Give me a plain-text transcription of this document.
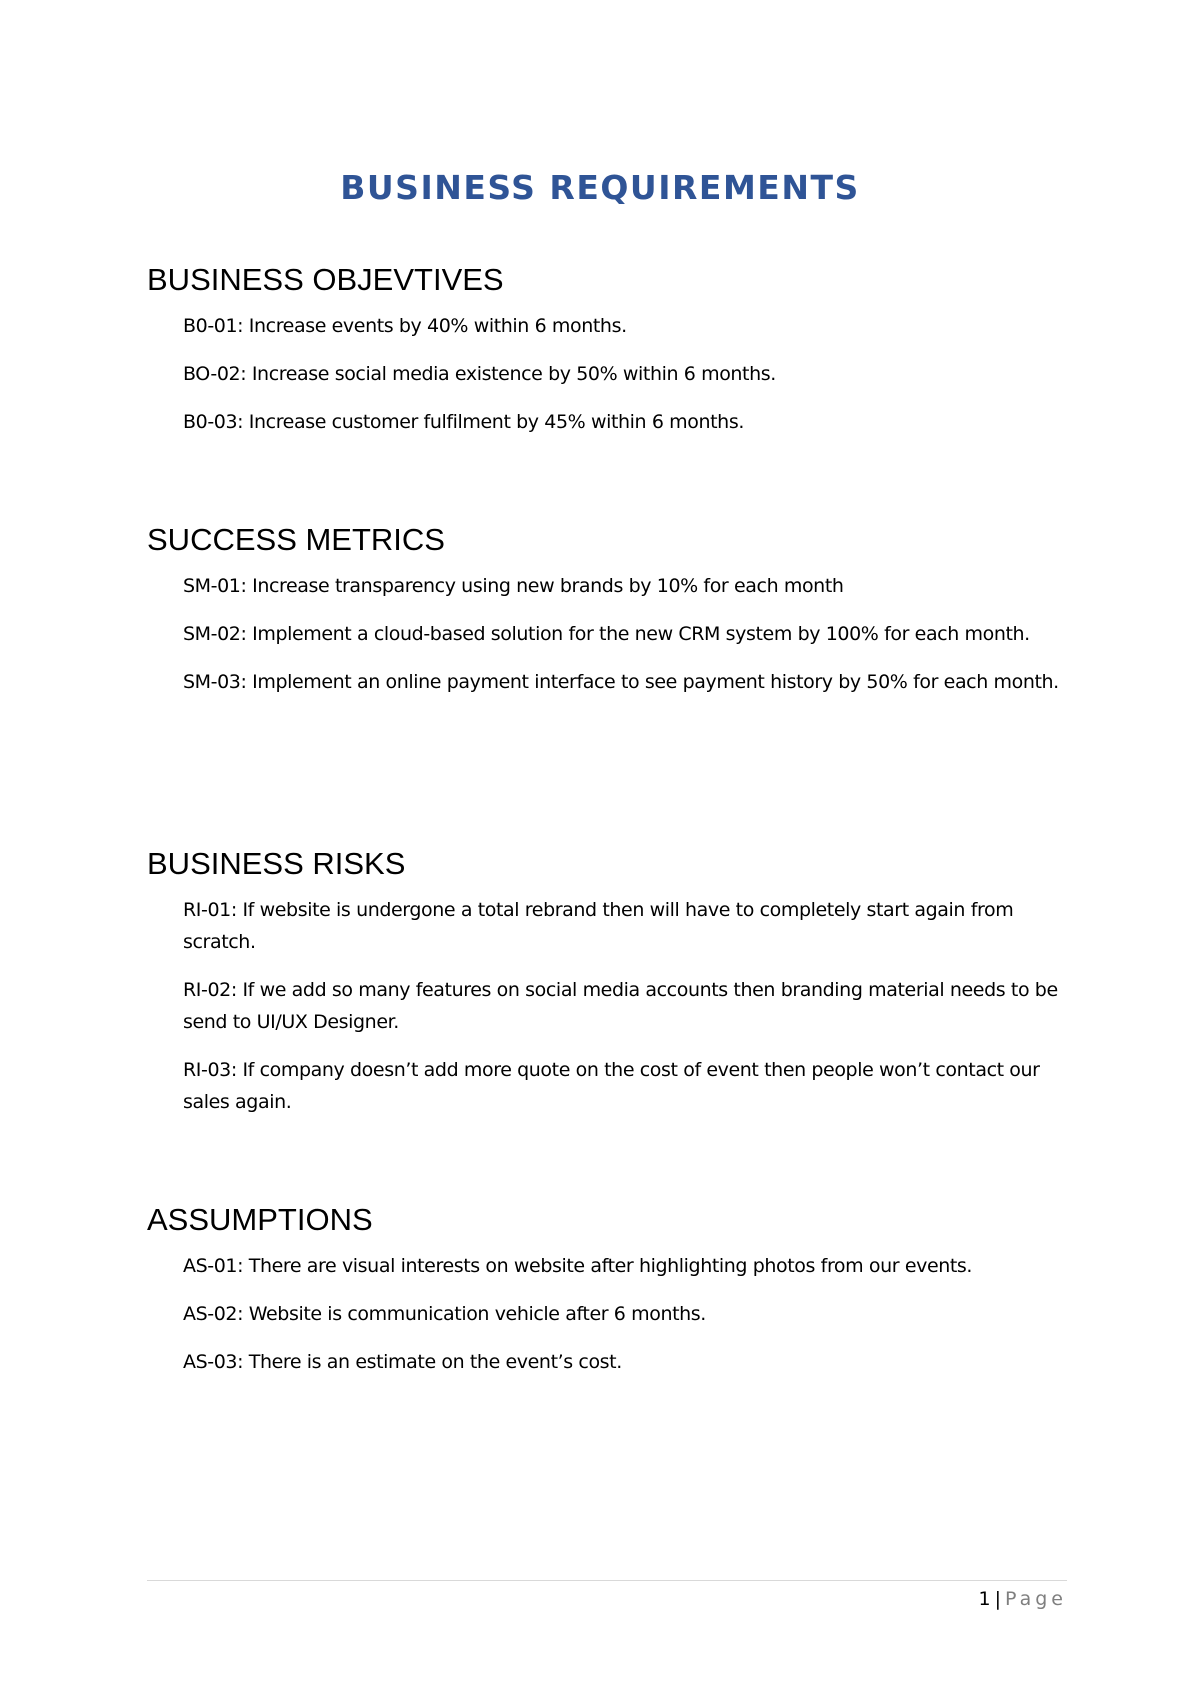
BUSINESS REQUIREMENTS
BUSINESS OBJEVTIVES
B0-01: Increase events by 40% within 6 months.
BO-02: Increase social media existence by 50% within 6 months.
B0-03: Increase customer fulfilment by 45% within 6 months.
SUCCESS METRICS
SM-01: Increase transparency using new brands by 10% for each month
SM-02: Implement a cloud-based solution for the new CRM system by 100% for each month.
SM-03: Implement an online payment interface to see payment history by 50% for each month.
BUSINESS RISKS
RI-01: If website is undergone a total rebrand then will have to completely start again from scratch.
RI-02: If we add so many features on social media accounts then branding material needs to be send to UI/UX Designer.
RI-03: If company doesn’t add more quote on the cost of event then people won’t contact our sales again.
ASSUMPTIONS
AS-01: There are visual interests on website after highlighting photos from our events.
AS-02: Website is communication vehicle after 6 months.
AS-03: There is an estimate on the event’s cost.
1 | Page
